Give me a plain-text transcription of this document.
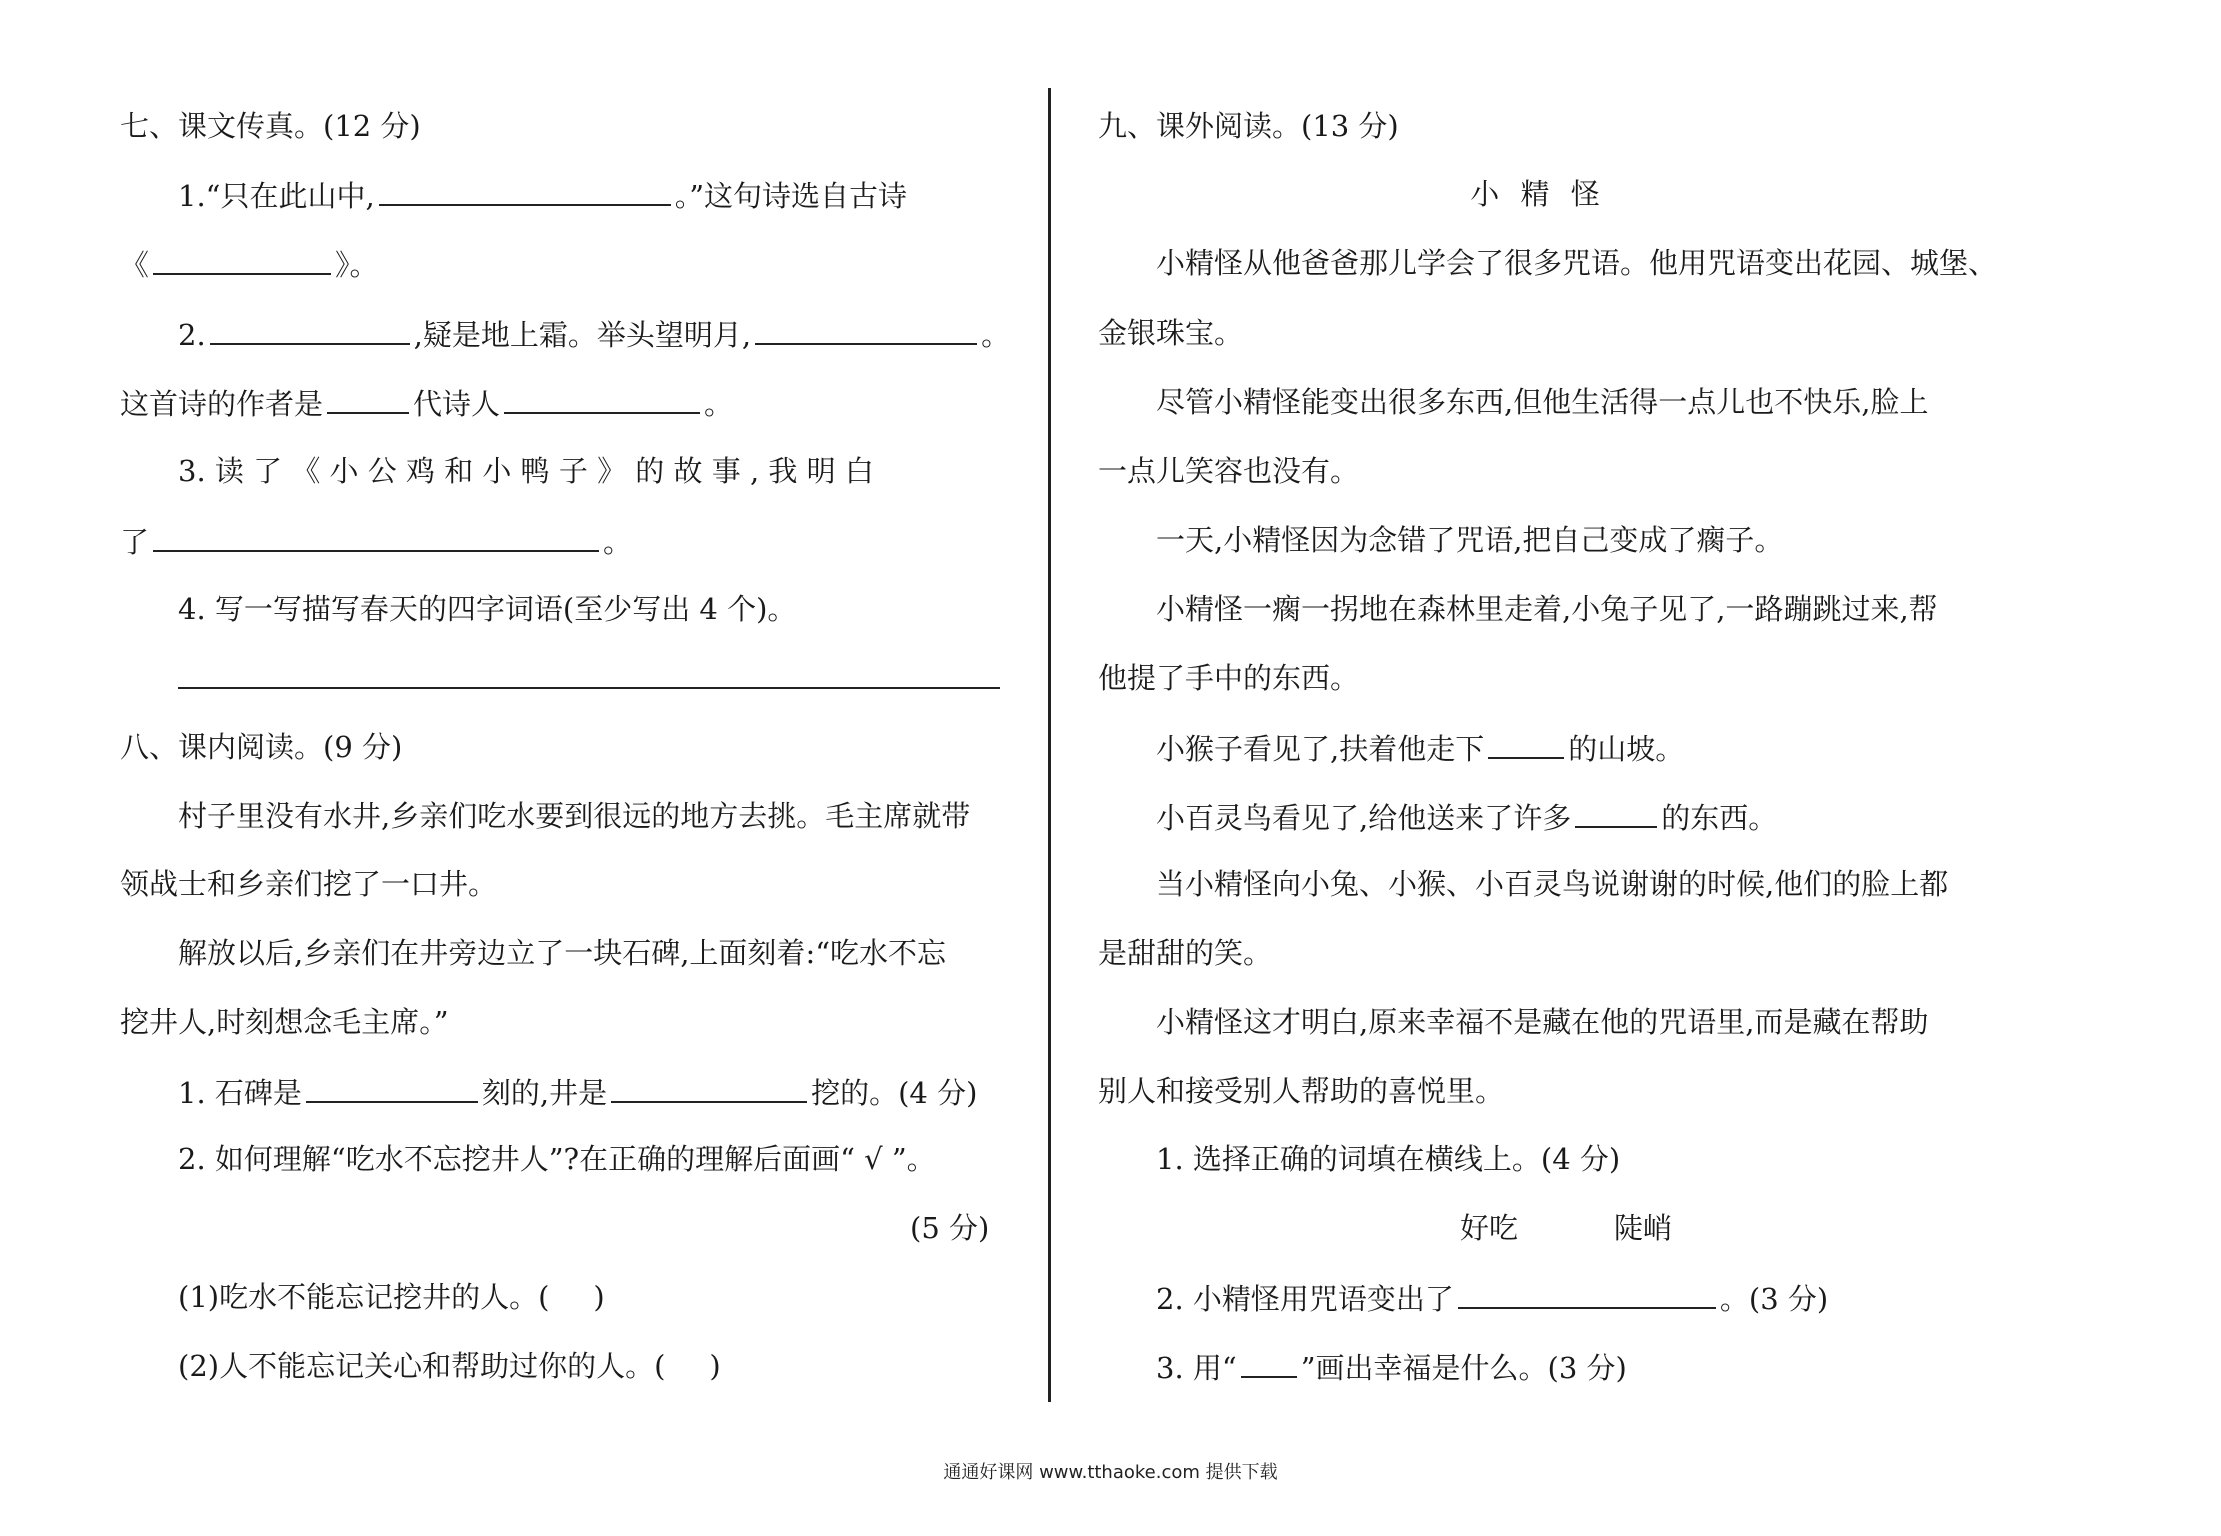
七、课文传真。(12 分)
1.“只在此山中,	。”这句诗选自古诗
《	》。
2.	,疑是地上霜。举头望明月,	。
这首诗的作者是	代诗人	。
3. 读 了 《 小 公 鸡 和 小 鸭 子 》 的 故 事 , 我 明 白
了	。
4. 写一写描写春天的四字词语(至少写出 4 个)。
八、课内阅读。(9 分)
村子里没有水井,乡亲们吃水要到很远的地方去挑。毛主席就带
领战士和乡亲们挖了一口井。
解放以后,乡亲们在井旁边立了一块石碑,上面刻着:“吃水不忘
挖井人,时刻想念毛主席。”
1. 石碑是	刻的,井是	挖的。(4 分)
2. 如何理解“吃水不忘挖井人”?在正确的理解后面画“ √ ”。
(5 分)
(1)吃水不能忘记挖井的人。( )
(2)人不能忘记关心和帮助过你的人。( )
九、课外阅读。(13 分)
小 精 怪
小精怪从他爸爸那儿学会了很多咒语。他用咒语变出花园、城堡、
金银珠宝。
尽管小精怪能变出很多东西,但他生活得一点儿也不快乐,脸上
一点儿笑容也没有。
一天,小精怪因为念错了咒语,把自己变成了瘸子。
小精怪一瘸一拐地在森林里走着,小兔子见了,一路蹦跳过来,帮
他提了手中的东西。
小猴子看见了,扶着他走下	的山坡。
小百灵鸟看见了,给他送来了许多	的东西。
当小精怪向小兔、小猴、小百灵鸟说谢谢的时候,他们的脸上都
是甜甜的笑。
小精怪这才明白,原来幸福不是藏在他的咒语里,而是藏在帮助
别人和接受别人帮助的喜悦里。
1. 选择正确的词填在横线上。(4 分)
好吃	陡峭
2. 小精怪用咒语变出了	。(3 分)
3. 用“ ”画出幸福是什么。(3 分)
通通好课网 www.tthaoke.com 提供下载
